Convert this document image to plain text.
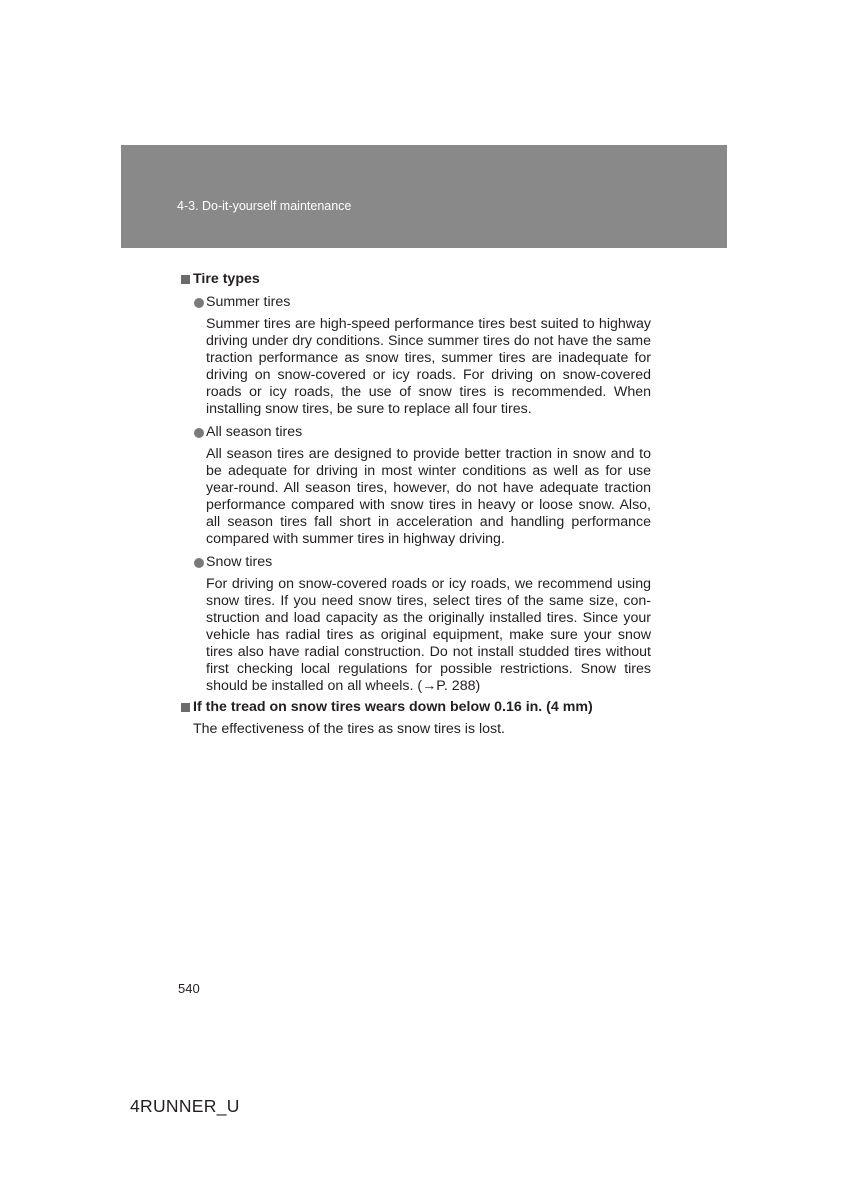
4-3. Do-it-yourself maintenance
Tire types
Summer tires
Summer tires are high-speed performance tires best suited to highway driving under dry conditions. Since summer tires do not have the same traction performance as snow tires, summer tires are inadequate for driving on snow-covered or icy roads. For driving on snow-covered roads or icy roads, the use of snow tires is recommended. When installing snow tires, be sure to replace all four tires.
All season tires
All season tires are designed to provide better traction in snow and to be adequate for driving in most winter conditions as well as for use year-round. All season tires, however, do not have adequate traction performance compared with snow tires in heavy or loose snow. Also, all season tires fall short in acceleration and handling performance compared with summer tires in highway driving.
Snow tires
For driving on snow-covered roads or icy roads, we recommend using snow tires. If you need snow tires, select tires of the same size, con-struction and load capacity as the originally installed tires. Since your vehicle has radial tires as original equipment, make sure your snow tires also have radial construction. Do not install studded tires without first checking local regulations for possible restrictions. Snow tires should be installed on all wheels. (→P. 288)
If the tread on snow tires wears down below 0.16 in. (4 mm)
The effectiveness of the tires as snow tires is lost.
540
4RUNNER_U
